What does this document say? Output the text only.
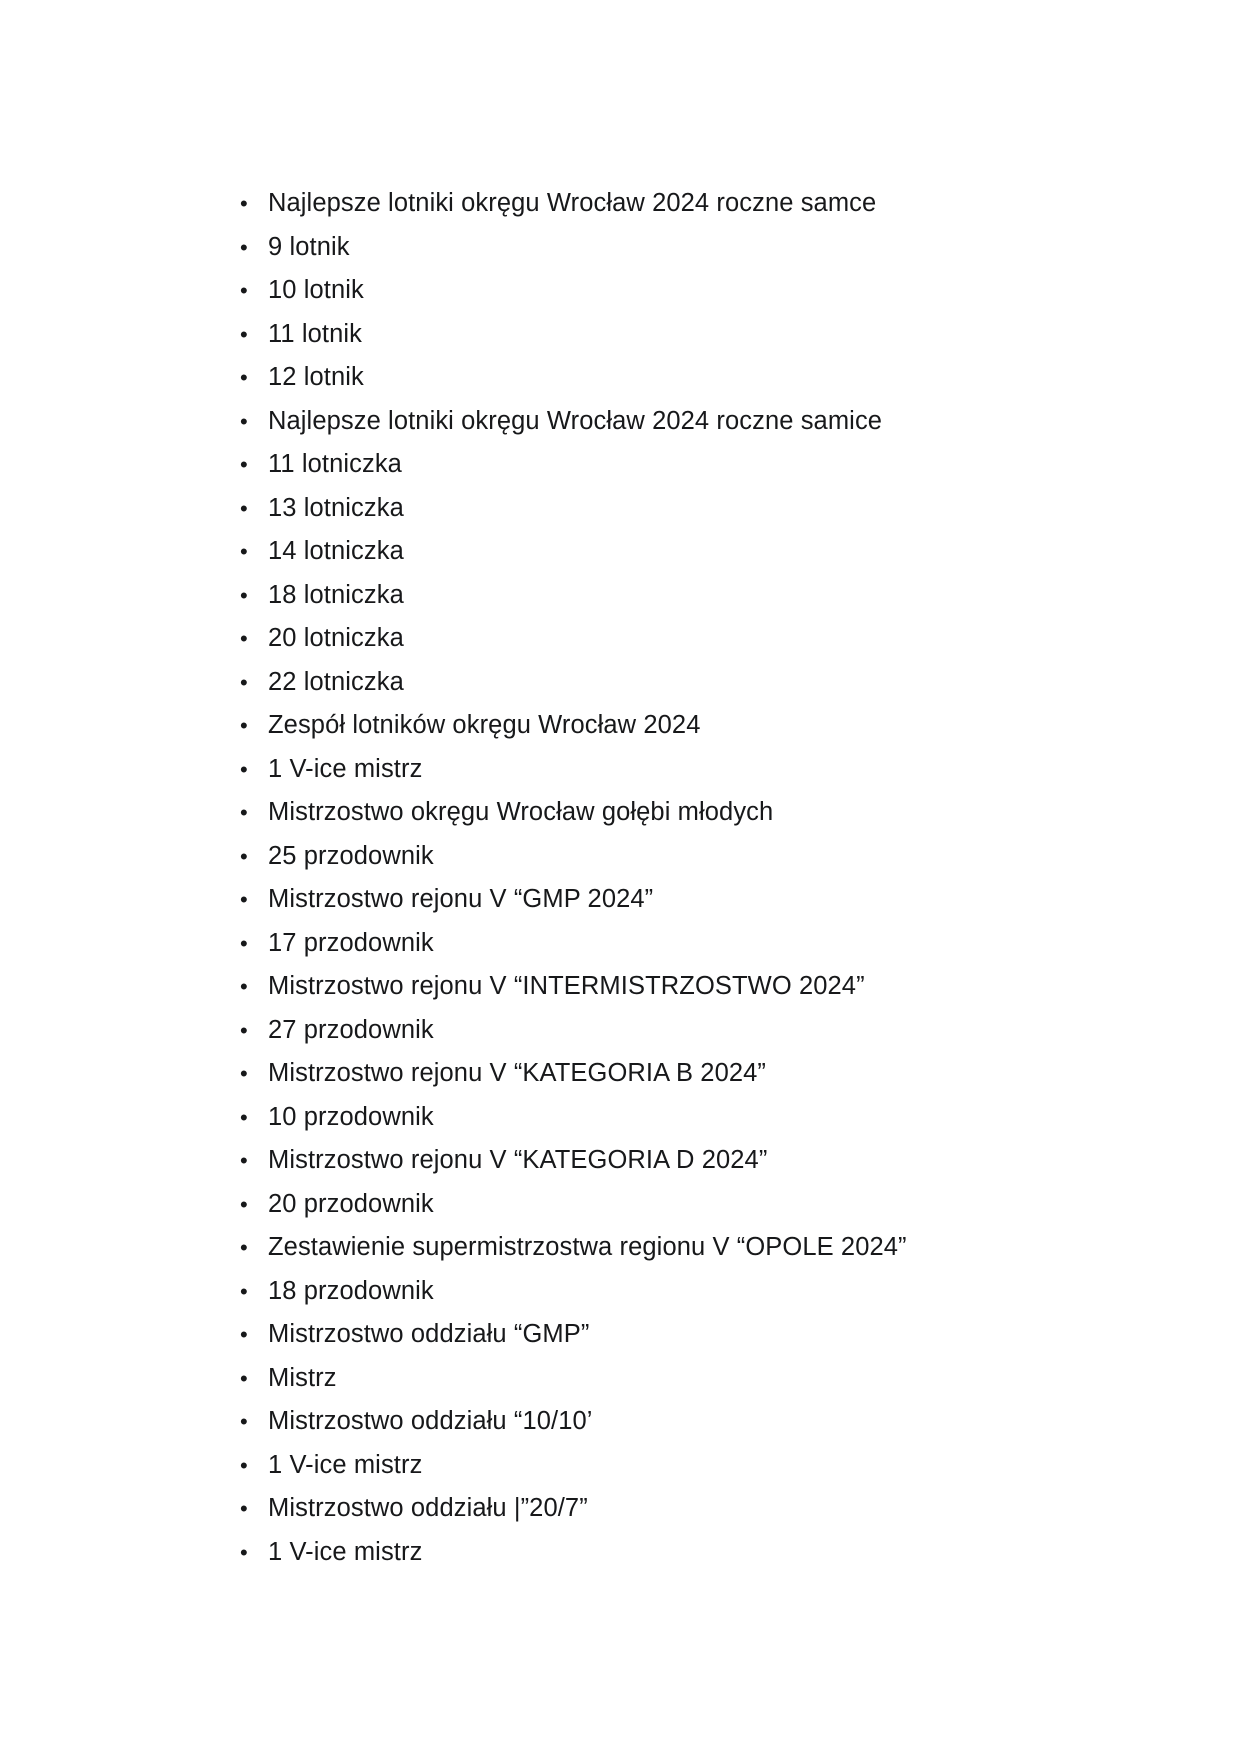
• Najlepsze lotniki okręgu Wrocław 2024 roczne samce
• 9 lotnik
• 10 lotnik
• 11 lotnik
• 12 lotnik
• Najlepsze lotniki okręgu Wrocław 2024 roczne samice
• 11 lotniczka
• 13 lotniczka
• 14 lotniczka
• 18 lotniczka
• 20 lotniczka
• 22 lotniczka
• Zespół lotników okręgu Wrocław 2024
• 1 V-ice mistrz
• Mistrzostwo okręgu Wrocław gołębi młodych
• 25 przodownik
• Mistrzostwo rejonu V “GMP 2024”
• 17 przodownik
• Mistrzostwo rejonu V “INTERMISTRZOSTWO 2024”
• 27 przodownik
• Mistrzostwo rejonu V “KATEGORIA B 2024”
• 10 przodownik
• Mistrzostwo rejonu V “KATEGORIA D 2024”
• 20 przodownik
• Zestawienie supermistrzostwa regionu V “OPOLE 2024”
• 18 przodownik
• Mistrzostwo oddziału “GMP”
• Mistrz
• Mistrzostwo oddziału “10/10’
• 1 V-ice mistrz
• Mistrzostwo oddziału |”20/7”
• 1 V-ice mistrz
